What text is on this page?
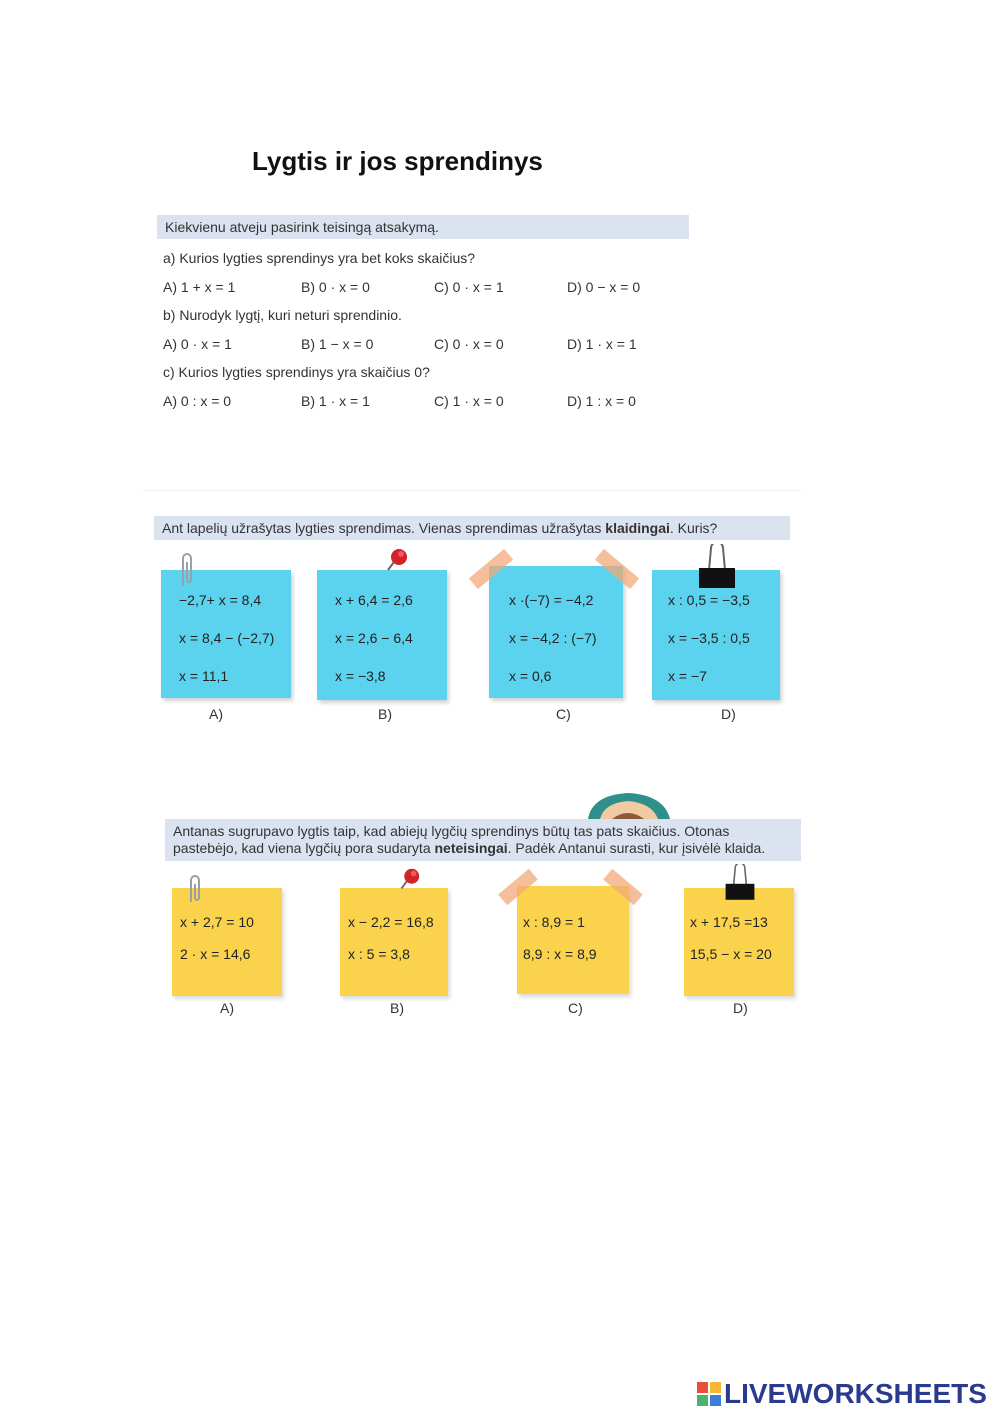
Lygtis ir jos sprendinys
Kiekvienu atveju pasirink teisingą atsakymą.
a) Kurios lygties sprendinys yra bet koks skaičius?
A) 1 + x = 1	B) 0 · x = 0	C) 0 · x = 1	D) 0 − x = 0
b) Nurodyk lygtį, kuri neturi sprendinio.
A) 0 · x = 1	B) 1 − x = 0	C) 0 · x = 0	D) 1 · x = 1
c) Kurios lygties sprendinys yra skaičius 0?
A) 0 : x = 0	B) 1 · x = 1	C) 1 · x = 0	D) 1 : x = 0
Ant lapelių užrašytas lygties sprendimas. Vienas sprendimas užrašytas klaidingai. Kuris?
−2,7+ x = 8,4
x = 8,4 − (−2,7)
x = 11,1
A)
x + 6,4 = 2,6
x = 2,6 − 6,4
x = −3,8
B)
x ·(−7) = −4,2
x = −4,2 : (−7)
x = 0,6
C)
x : 0,5 = −3,5
x = −3,5 : 0,5
x = −7
D)
Antanas sugrupavo lygtis taip, kad abiejų lygčių sprendinys būtų tas pats skaičius. Otonas
pastebėjo, kad viena lygčių pora sudaryta neteisingai. Padėk Antanui surasti, kur įsivėlė klaida.
x + 2,7 = 10
2 · x = 14,6
A)
x − 2,2 = 16,8
x : 5 = 3,8
B)
x : 8,9 = 1
8,9 : x = 8,9
C)
x + 17,5 =13
15,5 − x = 20
D)
LIVEWORKSHEETS
